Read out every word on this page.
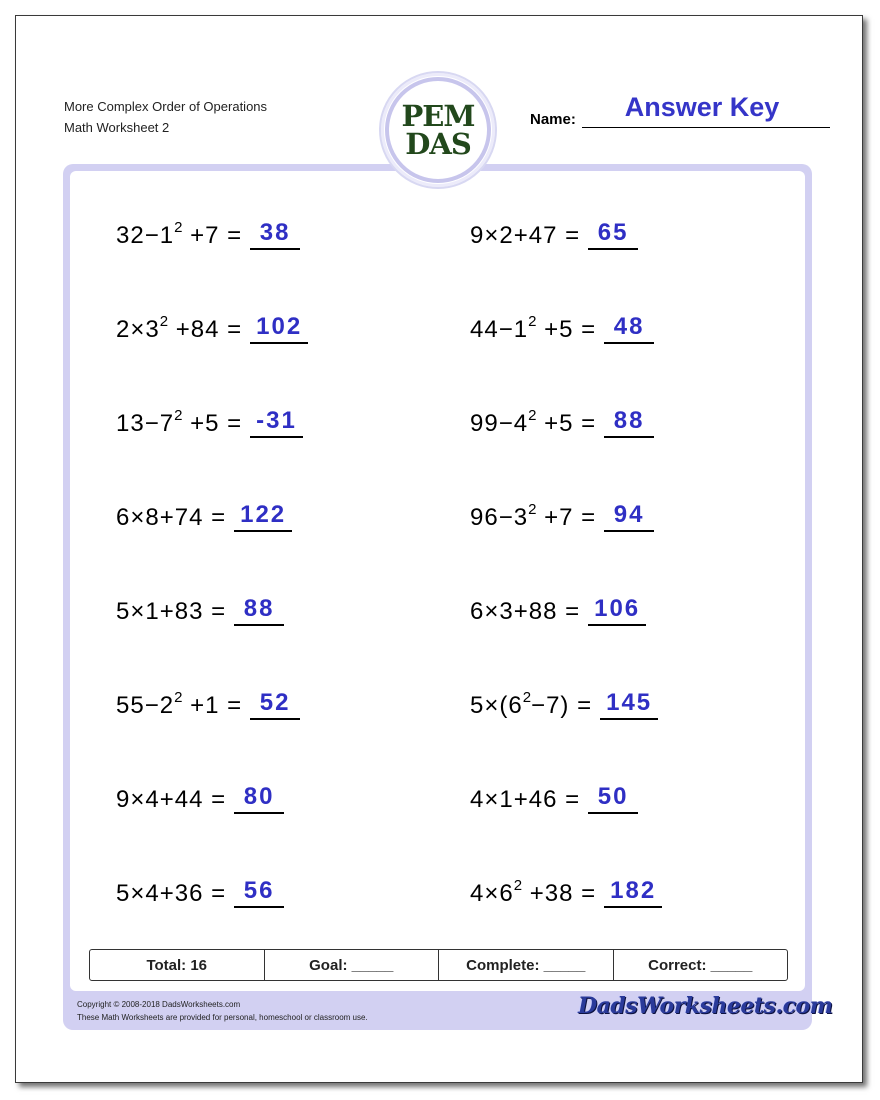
More Complex Order of Operations
Math Worksheet 2	Name:	Answer Key
PEM
DAS
$32-1^2 +7 = 38$
$2\times 3^2 +84 = 102$
$13-7^2 +5 = -31$
6×8+74 = 122
5×1+83 = 88
$55-2^2 +1 = 52$
9×4+44 = 80
5×4+36 = 56
9×2+47 = 65
$44-1^2 +5 = 48$
$99-4^2 +5 = 88$
$96-3^2 +7 = 94$
6×3+88 = 106
$5\times(6^2-7) = 145$
4×1+46 = 50
$4\times 6^2 +38 = 182$
Total: 16	Goal: _____	Complete: _____	Correct: _____
Copyright © 2008-2018 DadsWorksheets.com
These Math Worksheets are provided for personal, homeschool or classroom use.	DadsWorksheets.com
